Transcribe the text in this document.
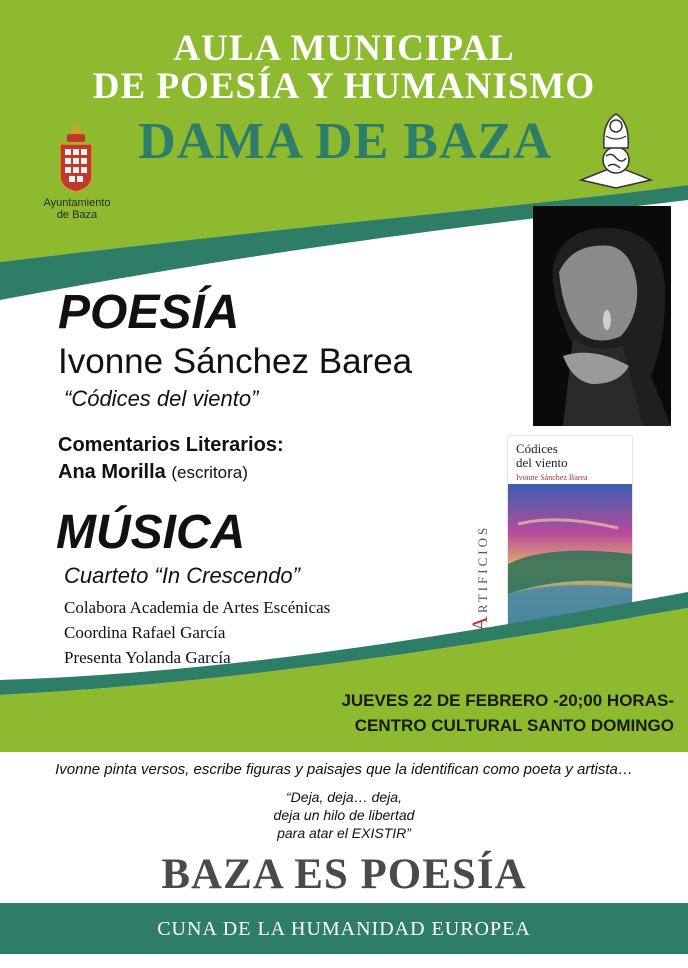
AULA MUNICIPAL
DE POESÍA Y HUMANISMO
DAMA DE BAZA
Ayuntamiento
de Baza
POESÍA
Ivonne Sánchez Barea
“Códices del viento”
Comentarios Literarios:
Ana Morilla (escritora)
Códices
del viento
Ivonne Sánchez Barea
ARTIFICIOS
MÚSICA
Cuarteto “In Crescendo”
Colabora Academia de Artes Escénicas
Coordina Rafael García
Presenta Yolanda García
JUEVES 22 DE FEBRERO -20;00 HORAS-
CENTRO CULTURAL SANTO DOMINGO
Ivonne pinta versos, escribe figuras y paisajes que la identifican como poeta y artista…
“Deja, deja… deja,
deja un hilo de libertad
para atar el EXISTIR”
BAZA ES POESÍA
CUNA DE LA HUMANIDAD EUROPEA
